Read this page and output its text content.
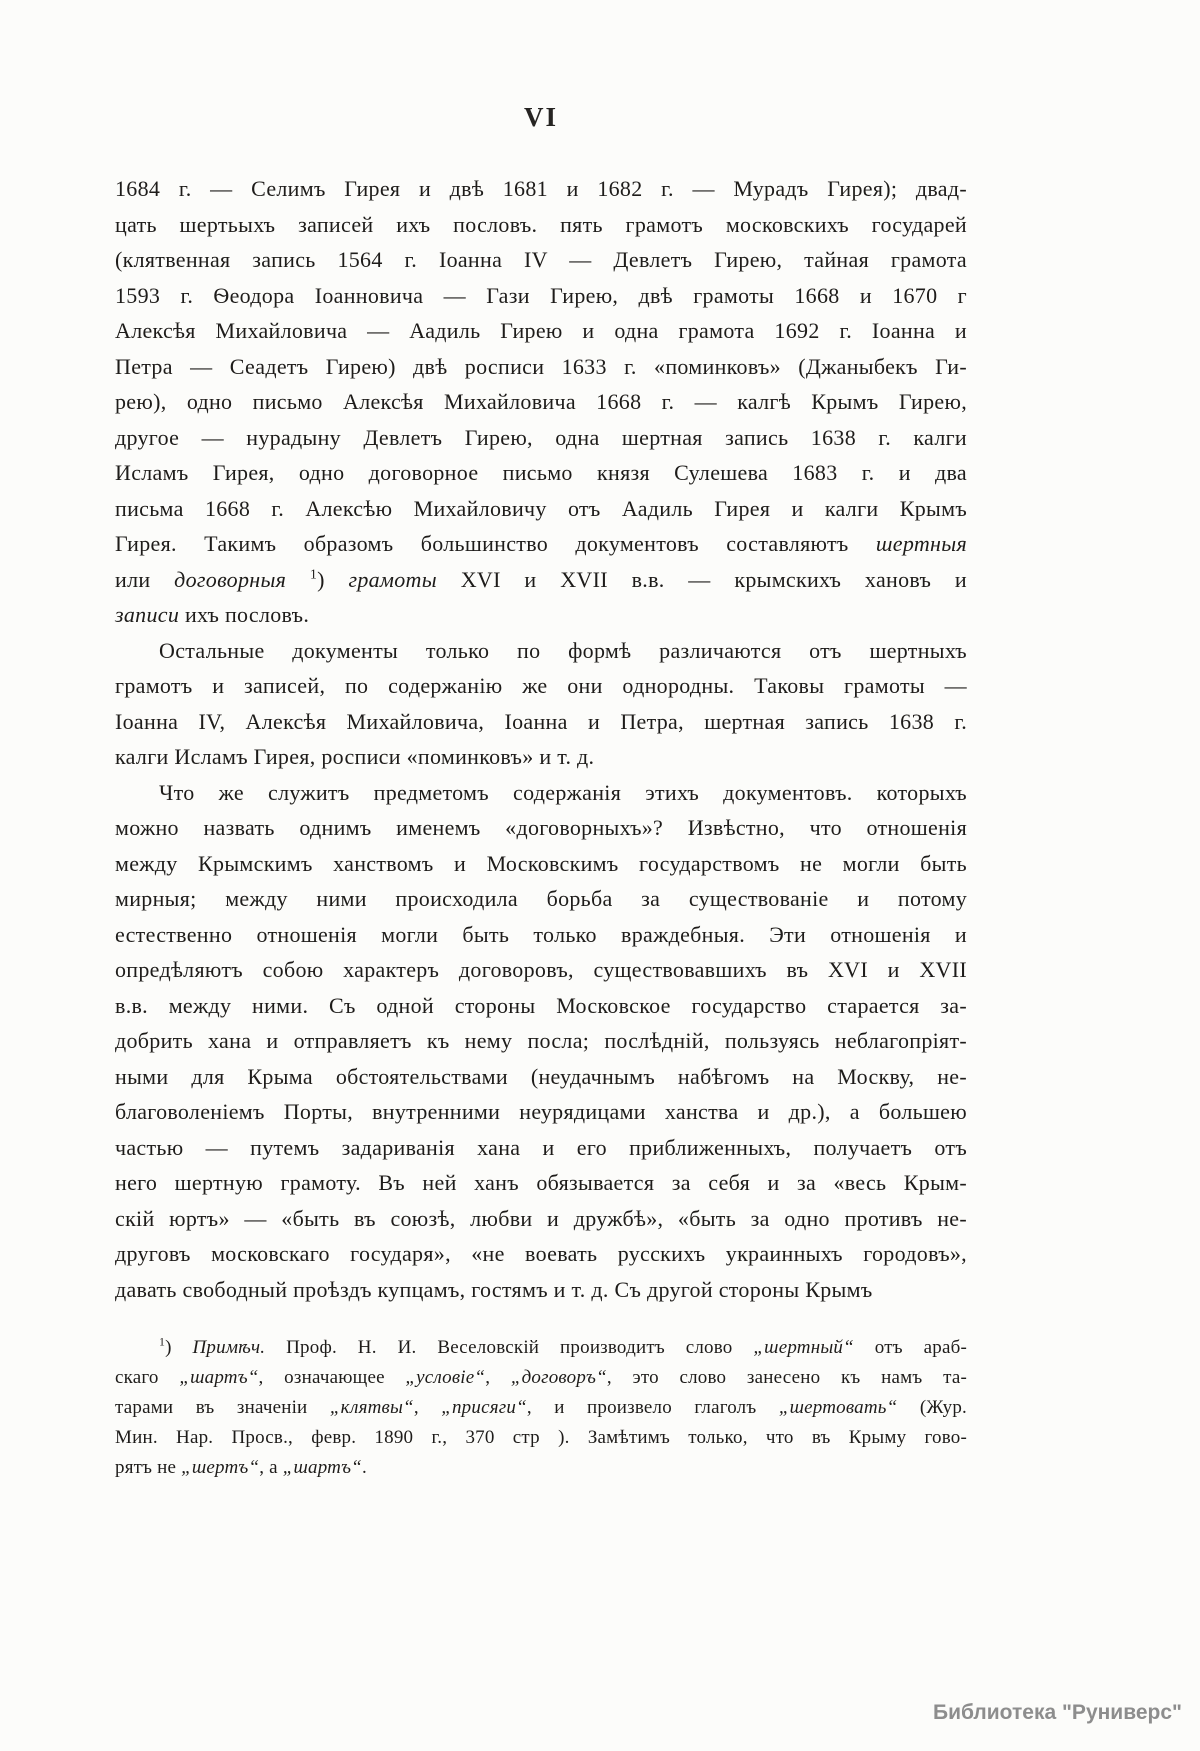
VI
1684 г. — Селимъ Гирея и двѣ 1681 и 1682 г. — Мурадъ Гирея); двад-
цать шертьыхъ записей ихъ пословъ. пять грамотъ московскихъ государей
(клятвенная запись 1564 г. Іоанна IV — Девлетъ Гирею, тайная грамота
1593 г. Ѳеодора Іоанновича — Гази Гирею, двѣ грамоты 1668 и 1670 г
Алексѣя Михайловича — Аадиль Гирею и одна грамота 1692 г. Іоанна и
Петра — Сеадетъ Гирею) двѣ росписи 1633 г. «поминковъ» (Джаныбекъ Ги-
рею), одно письмо Алексѣя Михайловича 1668 г. — калгѣ Крымъ Гирею,
другое — нурадыну Девлетъ Гирею, одна шертная запись 1638 г. калги
Исламъ Гирея, одно договорное письмо князя Сулешева 1683 г. и два
письма 1668 г. Алексѣю Михайловичу отъ Аадиль Гирея и калги Крымъ
Гирея. Такимъ образомъ большинство документовъ составляютъ шертныя
или договорныя $^1$) грамоты XVI и XVII в.в. — крымскихъ хановъ и
записи ихъ пословъ.
Остальные документы только по формѣ различаются отъ шертныхъ
грамотъ и записей, по содержанію же они однородны. Таковы грамоты —
Іоанна IV, Алексѣя Михайловича, Іоанна и Петра, шертная запись 1638 г.
калги Исламъ Гирея, росписи «поминковъ» и т. д.
Что же служитъ предметомъ содержанія этихъ документовъ. которыхъ
можно назвать однимъ именемъ «договорныхъ»? Извѣстно, что отношенія
между Крымскимъ ханствомъ и Московскимъ государствомъ не могли быть
мирныя; между ними происходила борьба за существованіе и потому
естественно отношенія могли быть только враждебныя. Эти отношенія и
опредѣляютъ собою характеръ договоровъ, существовавшихъ въ XVI и XVII
в.в. между ними. Съ одной стороны Московское государство старается за-
добрить хана и отправляетъ къ нему посла; послѣдній, пользуясь неблагопріят-
ными для Крыма обстоятельствами (неудачнымъ набѣгомъ на Москву, не-
благоволеніемъ Порты, внутренними неурядицами ханства и др.), а большею
частью — путемъ задариванія хана и его приближенныхъ, получаетъ отъ
него шертную грамоту. Въ ней ханъ обязывается за себя и за «весь Крым-
скій юртъ» — «быть въ союзѣ, любви и дружбѣ», «быть за одно противъ не-
друговъ московскаго государя», «не воевать русскихъ украинныхъ городовъ»,
давать свободный проѣздъ купцамъ, гостямъ и т. д. Съ другой стороны Крымъ
$^1$) Примѣч. Проф. Н. И. Веселовскій производитъ слово „шертный“ отъ араб-
скаго „шартъ“, означающее „условіе“, „договоръ“, это слово занесено къ намъ та-
тарами въ значеніи „клятвы“, „присяги“, и произвело глаголъ „шертовать“ (Жур.
Мин. Нар. Просв., февр. 1890 г., 370 стр ). Замѣтимъ только, что въ Крыму гово-
рятъ не „шертъ“, а „шартъ“.
Библиотека "Руниверс"
